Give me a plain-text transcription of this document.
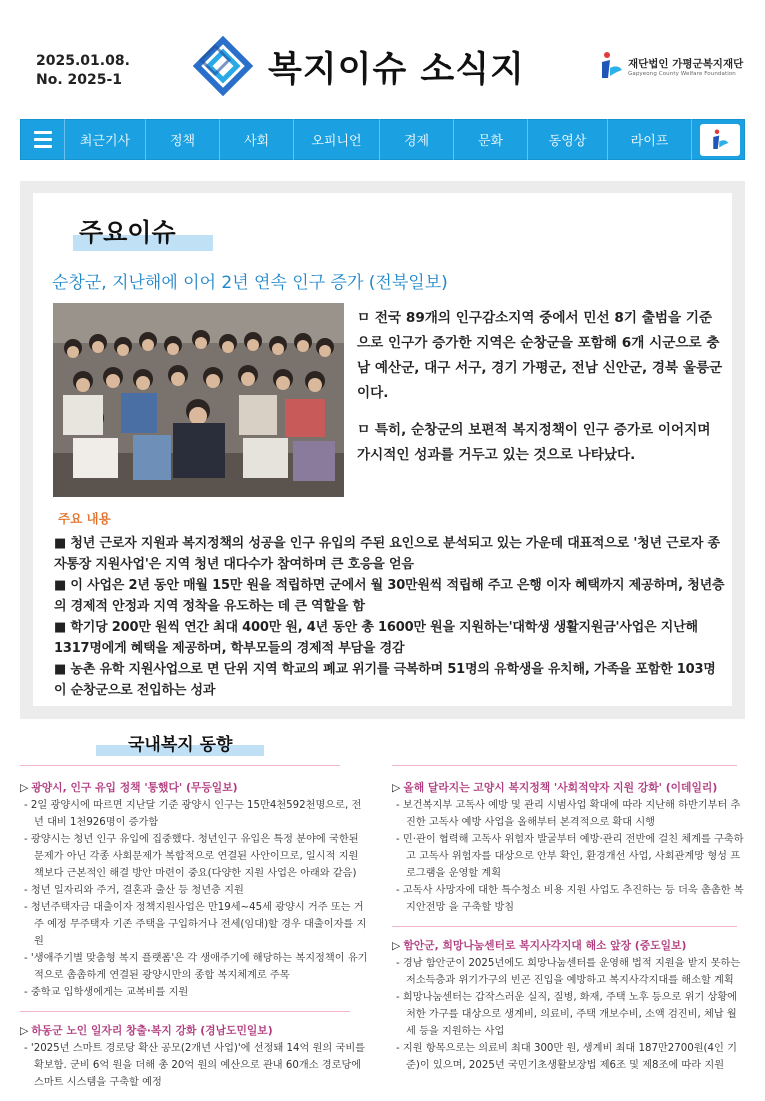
2025.01.08.
No. 2025-1	복지이슈 소식지	재단법인 가평군복지재단
Gapyeong County Welfare Foundation
최근기사	정책	사회	오피니언	경제	문화	동영상	라이프
주요이슈
순창군, 지난해에 이어 2년 연속 인구 증가 (전북일보)

ㅁ 전국 89개의 인구감소지역 중에서 민선 8기 출범을 기준으로 인구가 증가한 지역은 순창군을 포함해 6개 시군으로 충남 예산군, 대구 서구, 경기 가평군, 전남 신안군, 경북 울릉군이다.

ㅁ 특히, 순창군의 보편적 복지정책이 인구 증가로 이어지며 가시적인 성과를 거두고 있는 것으로 나타났다.

주요 내용

■ 청년 근로자 지원과 복지정책의 성공을 인구 유입의 주된 요인으로 분석되고 있는 가운데 대표적으로 '청년 근로자 종자통장 지원사업'은 지역 청년 대다수가 참여하며 큰 호응을 얻음

■ 이 사업은 2년 동안 매월 15만 원을 적립하면 군에서 월 30만원씩 적립해 주고 은행 이자 혜택까지 제공하며, 청년층의 경제적 안정과 지역 정착을 유도하는 데 큰 역할을 함

■ 학기당 200만 원씩 연간 최대 400만 원, 4년 동안 총 1600만 원을 지원하는'대학생 생활지원금'사업은 지난해 1317명에게 혜택을 제공하며, 학부모들의 경제적 부담을 경감

■ 농촌 유학 지원사업으로 면 단위 지역 학교의 폐교 위기를 극복하며 51명의 유학생을 유치해, 가족을 포함한 103명이 순창군으로 전입하는 성과

국내복지 동향
▷ 광양시, 인구 유입 정책 '통했다' (무등일보)
- 2일 광양시에 따르면 지난달 기준 광양시 인구는 15만4천592천명으로, 전년 대비 1천926명이 증가함
- 광양시는 청년 인구 유입에 집중했다. 청년인구 유입은 특정 분야에 국한된 문제가 아닌 각종 사회문제가 복합적으로 연결된 사안이므로, 일시적 지원책보다 근본적인 해결 방안 마련이 중요(다양한 지원 사업은 아래와 같음)
- 청년 일자리와 주거, 결혼과 출산 등 청년층 지원
- 청년주택자금 대출이자 정책지원사업은 만19세~45세 광양시 거주 또는 거주 예정 무주택자 기존 주택을 구입하거나 전세(임대)할 경우 대출이자를 지원
- '생애주기별 맞춤형 복지 플랫폼'은 각 생애주기에 해당하는 복지정책이 유기적으로 촘촘하게 연결된 광양시만의 종합 복지체계로 주목
- 중학교 입학생에게는 교복비를 지원
▷ 하동군 노인 일자리 창출·복지 강화 (경남도민일보)
- '2025년 스마트 경로당 확산 공모(2개년 사업)'에 선정돼 14억 원의 국비를 확보함. 군비 6억 원을 더해 총 20억 원의 예산으로 관내 60개소 경로당에 스마트 시스템을 구축할 예정
▷ 올해 달라지는 고양시 복지정책 '사회적약자 지원 강화' (이데일리)
- 보건복지부 고독사 예방 및 관리 시범사업 확대에 따라 지난해 하반기부터 추진한 고독사 예방 사업을 올해부터 본격적으로 확대 시행
- 민·관이 협력해 고독사 위험자 발굴부터 예방·관리 전반에 걸친 체계를 구축하고 고독사 위험자를 대상으로 안부 확인, 환경개선 사업, 사회관계망 형성 프로그램을 운영할 계획
- 고독사 사망자에 대한 특수청소 비용 지원 사업도 추진하는 등 더욱 촘촘한 복지안전망 을 구축할 방침
▷ 함안군, 희망나눔센터로 복지사각지대 해소 앞장 (중도일보)
- 경남 함안군이 2025년에도 희망나눔센터를 운영해 법적 지원을 받지 못하는 저소득층과 위기가구의 빈곤 진입을 예방하고 복지사각지대를 해소할 계획
- 희망나눔센터는 갑작스러운 실직, 질병, 화재, 주택 노후 등으로 위기 상황에 처한 가구를 대상으로 생계비, 의료비, 주택 개보수비, 소액 검진비, 체납 월세 등을 지원하는 사업
- 지원 항목으로는 의료비 최대 300만 원, 생계비 최대 187만2700원(4인 기준)이 있으며, 2025년 국민기초생활보장법 제6조 및 제8조에 따라 지원
